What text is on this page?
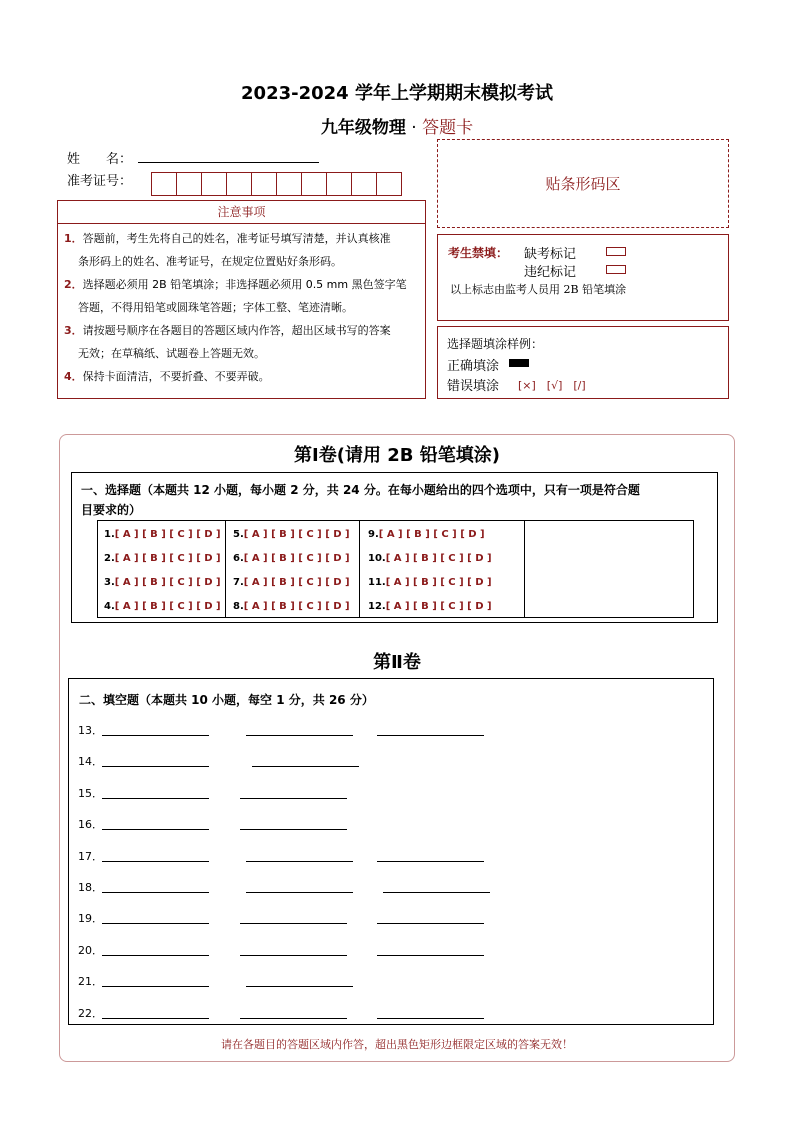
2023-2024 学年上学期期末模拟考试
九年级物理 · 答题卡
姓　　名：
准考证号：	贴条形码区
注意事项
1．答题前，考生先将自己的姓名，准考证号填写清楚，并认真核准
条形码上的姓名、准考证号，在规定位置贴好条形码。
2．选择题必须用 2B 铅笔填涂；非选择题必须用 0.5 mm 黑色签字笔
答题，不得用铅笔或圆珠笔答题；字体工整、笔迹清晰。
3．请按题号顺序在各题目的答题区域内作答，超出区域书写的答案
无效；在草稿纸、试题卷上答题无效。
4．保持卡面清洁，不要折叠、不要弄破。
考生禁填： 缺考标记
违纪标记
以上标志由监考人员用 2B 铅笔填涂
选择题填涂样例：
正确填涂
错误填涂 [×]　[√]　[/]
第Ⅰ卷(请用 2B 铅笔填涂)
一、选择题（本题共 12 小题，每小题 2 分，共 24 分。在每小题给出的四个选项中，只有一项是符合题
目要求的）
1.[ A ] [ B ] [ C ] [ D ]
2.[ A ] [ B ] [ C ] [ D ]
3.[ A ] [ B ] [ C ] [ D ]
4.[ A ] [ B ] [ C ] [ D ]
5.[ A ] [ B ] [ C ] [ D ]
6.[ A ] [ B ] [ C ] [ D ]
7.[ A ] [ B ] [ C ] [ D ]
8.[ A ] [ B ] [ C ] [ D ]
9.[ A ] [ B ] [ C ] [ D ]
10.[ A ] [ B ] [ C ] [ D ]
11.[ A ] [ B ] [ C ] [ D ]
12.[ A ] [ B ] [ C ] [ D ]
第Ⅱ卷
二、填空题（本题共 10 小题，每空 1 分，共 26 分）
13．
14．
15．
16．
17．
18．
19．
20．
21．
22．
请在各题目的答题区域内作答，超出黑色矩形边框限定区域的答案无效！
